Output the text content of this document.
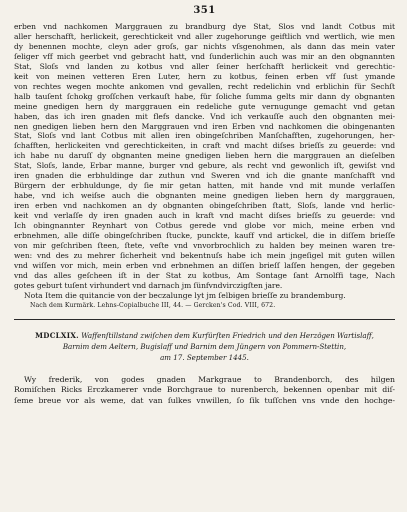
351
erben vnd nachkomen Marggrauen zu brandburg dye Stat, Slos vnd landt Cotbus mit
aller herschafft, herlickeit, gerechtickeit vnd aller zugehorunge geiftlich vnd wertlich, wie men
dy benennen mochte, cleyn ader groſs, gar nichts vſsgenohmen, als dann das mein vater
ſeliger vff mich geerbet vnd gebracht hatt, vnd ſunderlichin auch was mir an den obgnannten
Stat, Sloſs vnd landen zu kotbus vnd aller ſeiner herſchafft herlickeit vnd gerechtic-
keit von meinen vetteren Eren Luter, hern zu kotbus, feinen erben vff ſust ymande
von rechtes wegen mochte ankomen vnd gevallen, recht redelichin vnd erblichin für Sechſt
halb tauſent ſchokg groſſchen verkauſt habe, für ſoliche ſumma gelts mir dann dy obgnanten
meine gnedigen hern dy marggrauen ein redeliche gute vernugunge gemacht vnd getan
haben, das ich iren gnaden mit flefs dancke. Vnd ich verkauſſe auch den obgnanten mei-
nen gnedigen lieben hern den Marggrauen vnd iren Erben vnd nachkomen die obingenanten
Stat, Sloſs vnd lant Cotbus mit allen iren obingeſchriben Manſchafften, zugehorungen, her-
ſchafften, herlickeiten vnd gerechtickeiten, in craft vnd macht diſses brieſſs zu geuerde: vnd
ich habe nu daruſſ dy obgnanten meine gnedigen lieben hern die marggrauen an dieſelben
Stat, Sloſs, lande, Erbar manne, burger vnd gebure, als recht vnd gewonlich iſt, gewiſst vnd
iren gnaden die erbhuldinge dar zuthun vnd Sweren vnd ich die gnante manſchafft vnd
Bürgern der erbhuldunge, dy ſie mir getan hatten, mit hande vnd mit munde verlaſſen
habe, vnd ich weiſse auch die obgnanten meine gnedigen lieben hern dy marggrauen,
iren erben vnd nachkomen an dy obgnanten obingeſchriben ſtatt, Sloſs, lande vnd herlic-
keit vnd verlaſſe dy iren gnaden auch in kraft vnd macht diſses brieſſs zu geuerde: vnd
Ich obingnannter Reynhart von Cotbus gerede vnd globe vor mich, meine erben vnd
erbnehmen, alle diſſe obingeſchriben ſtucke, punckte, kauff vnd artickel, die in diſſem brieſſe
von mir geſchriben ſteen, ſtete, veſte vnd vnvorbrochlich zu halden bey meinen waren tre-
wen: vnd des zu mehrer ſicherheit vnd bekentnuſs habe ich mein jngeſigel mit guten willen
vnd wiſſen vor mich, mein erben vnd erbnehmen an diſſen brieſſ laſſen hengen, der gegeben
vnd das alles geſcheen iſt in der Stat zu kotbus, Am Sontage ſant Arnolffi tage, Nach
gotes geburt tuſent virhundert vnd darnach jm ſünfvndvirczigſten jare.
Nota Item die quitancie von der beczalunge lyt jm ſelbigen brieſſe zu brandemburg.
Nach dem Kurmärk. Lehns-Copialbuche III, 44. — Gercken's Cod. VIII, 672.
MDCLXIX. Waffenſtillstand zwiſchen dem Kurfürſten Friedrich und den Herzögen Wartislaff,
Barnim dem Aeltern, Bugislaff und Barnim dem Jüngern von Pommern-Stettin,
am 17. September 1445.
Wy frederik, von godes gnaden Markgraue to Brandenborch, des hilgen
Romiſchen Ricks Erczkamerer vnde Borchgraue to nurenberch, bekennen openbar mit diſ-
ſeme breue vor als weme, dat van ſulkes vnwillen, ſo ſik tuſſchen vns vnde den hochge-
